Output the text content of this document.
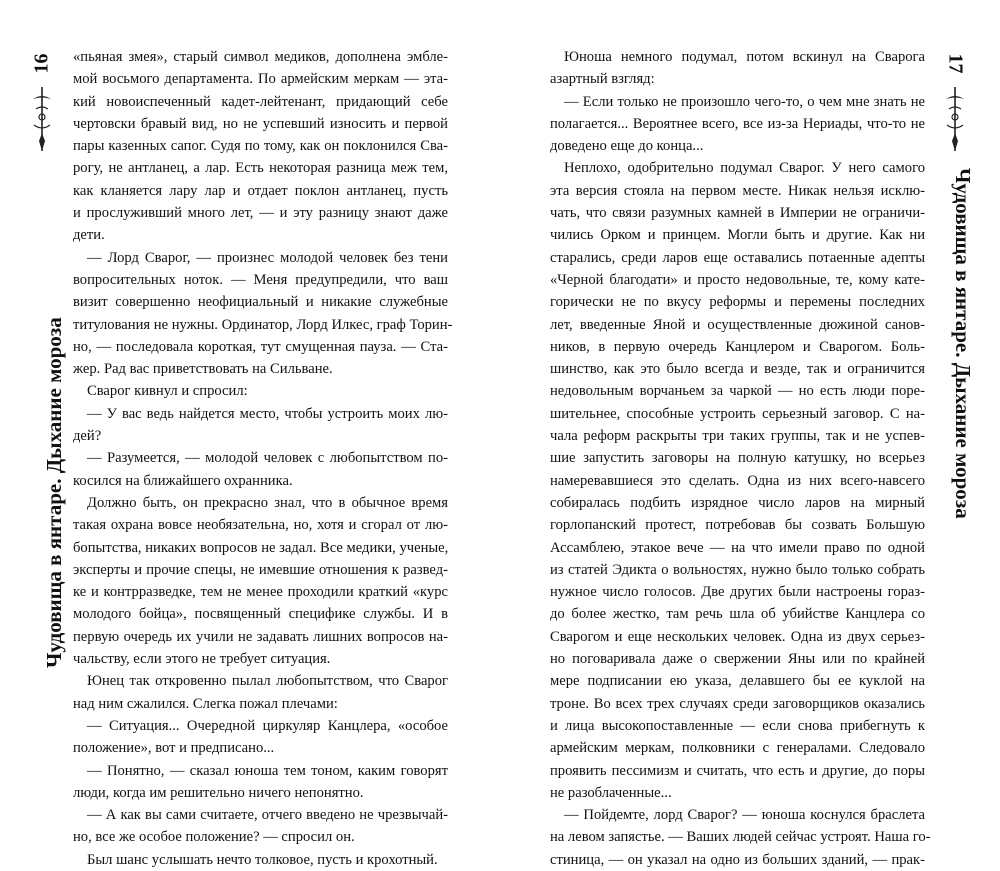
16
Чудовища в янтаре. Дыхание мороза

«пьяная змея», старый символ медиков, дополнена эмбле-
мой восьмого департамента. По армейским меркам — эта-
кий новоиспеченный кадет-лейтенант, придающий себе
чертовски бравый вид, но не успевший износить и первой
пары казенных сапог. Судя по тому, как он поклонился Сва-
рогу, не антланец, а лар. Есть некоторая разница меж тем,
как кланяется лару лар и отдает поклон антланец, пусть
и прослуживший много лет, — и эту разницу знают даже
дети.
— Лорд Сварог, — произнес молодой человек без тени
вопросительных ноток. — Меня предупредили, что ваш
визит совершенно неофициальный и никакие служебные
титулования не нужны. Ординатор, Лорд Илкес, граф Торин-
но, — последовала короткая, тут смущенная пауза. — Ста-
жер. Рад вас приветствовать на Сильване.
Сварог кивнул и спросил:
— У вас ведь найдется место, чтобы устроить моих лю-
дей?
— Разумеется, — молодой человек с любопытством по-
косился на ближайшего охранника.
Должно быть, он прекрасно знал, что в обычное время
такая охрана вовсе необязательна, но, хотя и сгорал от лю-
бопытства, никаких вопросов не задал. Все медики, ученые,
эксперты и прочие спецы, не имевшие отношения к развед-
ке и контрразведке, тем не менее проходили краткий «курс
молодого бойца», посвященный специфике службы. И в
первую очередь их учили не задавать лишних вопросов на-
чальству, если этого не требует ситуация.
Юнец так откровенно пылал любопытством, что Сварог
над ним сжалился. Слегка пожал плечами:
— Ситуация... Очередной циркуляр Канцлера, «особое
положение», вот и предписано...
— Понятно, — сказал юноша тем тоном, каким говорят
люди, когда им решительно ничего непонятно.
— А как вы сами считаете, отчего введено не чрезвычай-
но, все же особое положение? — спросил он.
Был шанс услышать нечто толковое, пусть и крохотный.

Юноша немного подумал, потом вскинул на Сварога
азартный взгляд:
— Если только не произошло чего-то, о чем мне знать не
полагается... Вероятнее всего, все из-за Нериады, что-то не
доведено еще до конца...
Неплохо, одобрительно подумал Сварог. У него самого
эта версия стояла на первом месте. Никак нельзя исклю-
чать, что связи разумных камней в Империи не ограничи-
чились Орком и принцем. Могли быть и другие. Как ни
старались, среди ларов еще оставались потаенные адепты
«Черной благодати» и просто недовольные, те, кому кате-
горически не по вкусу реформы и перемены последних
лет, введенные Яной и осуществленные дюжиной санов-
ников, в первую очередь Канцлером и Сварогом. Боль-
шинство, как это было всегда и везде, так и ограничится
недовольным ворчаньем за чаркой — но есть люди поре-
шительнее, способные устроить серьезный заговор. С на-
чала реформ раскрыты три таких группы, так и не успев-
шие запустить заговоры на полную катушку, но всерьез
намеревавшиеся это сделать. Одна из них всего-навсего
собиралась подбить изрядное число ларов на мирный
горлопанский протест, потребовав бы созвать Большую
Ассамблею, этакое вече — на что имели право по одной
из статей Эдикта о вольностях, нужно было только собрать
нужное число голосов. Две других были настроены гораз-
до более жестко, там речь шла об убийстве Канцлера со
Сварогом и еще нескольких человек. Одна из двух серьез-
но поговаривала даже о свержении Яны или по крайней
мере подписании ею указа, делавшего бы ее куклой на
троне. Во всех трех случаях среди заговорщиков оказались
и лица высокопоставленные — если снова прибегнуть к
армейским меркам, полковники с генералами. Следовало
проявить пессимизм и считать, что есть и другие, до поры
не разоблаченные...
— Пойдемте, лорд Сварог? — юноша коснулся браслета
на левом запястье. — Ваших людей сейчас устроят. Наша го-
стиница, — он указал на одно из больших зданий, — прак-

17
Чудовища в янтаре. Дыхание мороза
